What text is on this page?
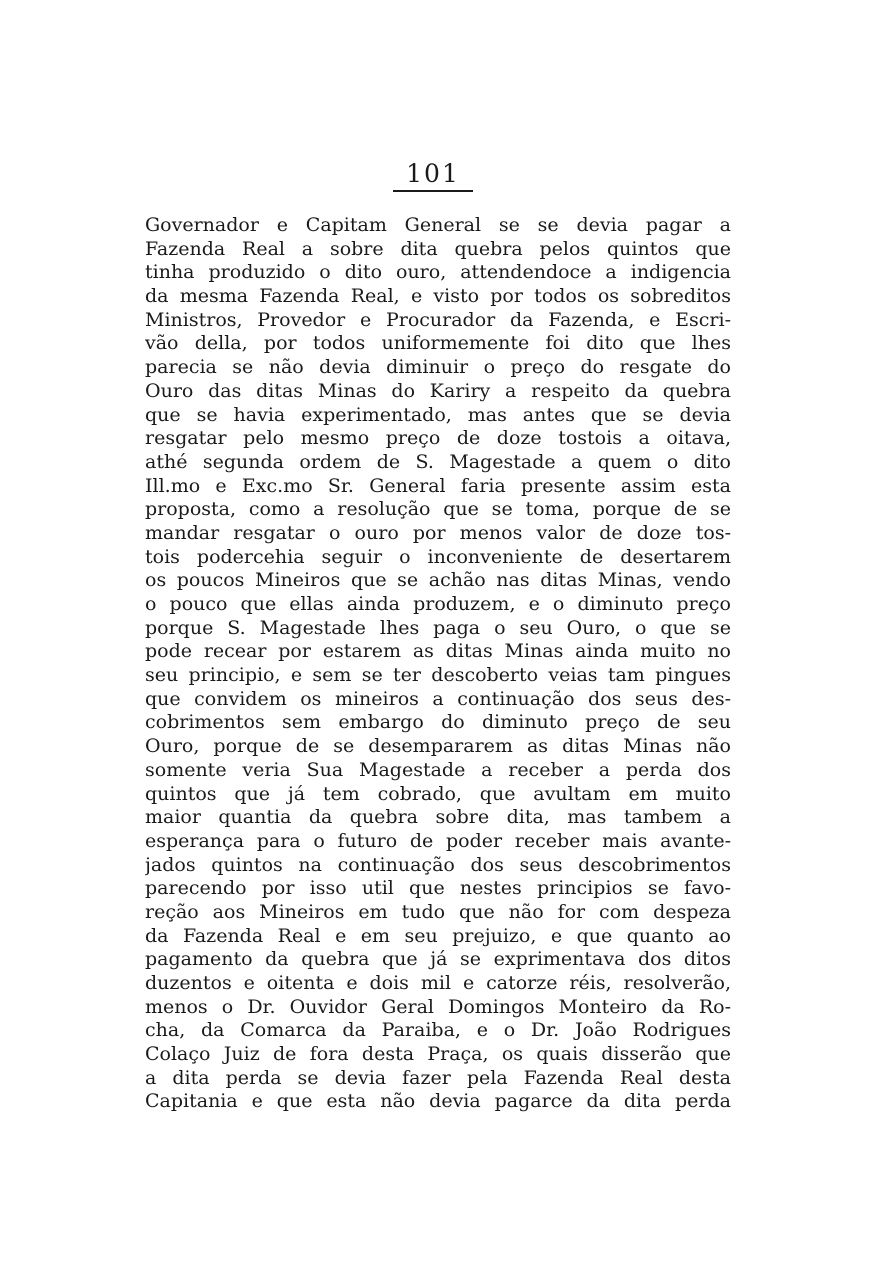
101
Governador e Capitam General se se devia pagar a
Fazenda Real a sobre dita quebra pelos quintos que
tinha produzido o dito ouro, attendendoce a indigencia
da mesma Fazenda Real, e visto por todos os sobreditos
Ministros, Provedor e Procurador da Fazenda, e Escri-
vão della, por todos uniformemente foi dito que lhes
parecia se não devia diminuir o preço do resgate do
Ouro das ditas Minas do Kariry a respeito da quebra
que se havia experimentado, mas antes que se devia
resgatar pelo mesmo preço de doze tostois a oitava,
athé segunda ordem de S. Magestade a quem o dito
Ill.mo e Exc.mo Sr. General faria presente assim esta
proposta, como a resolução que se toma, porque de se
mandar resgatar o ouro por menos valor de doze tos-
tois podercehia seguir o inconveniente de desertarem
os poucos Mineiros que se achão nas ditas Minas, vendo
o pouco que ellas ainda produzem, e o diminuto preço
porque S. Magestade lhes paga o seu Ouro, o que se
pode recear por estarem as ditas Minas ainda muito no
seu principio, e sem se ter descoberto veias tam pingues
que convidem os mineiros a continuação dos seus des-
cobrimentos sem embargo do diminuto preço de seu
Ouro, porque de se desempararem as ditas Minas não
somente veria Sua Magestade a receber a perda dos
quintos que já tem cobrado, que avultam em muito
maior quantia da quebra sobre dita, mas tambem a
esperança para o futuro de poder receber mais avante-
jados quintos na continuação dos seus descobrimentos
parecendo por isso util que nestes principios se favo-
reção aos Mineiros em tudo que não for com despeza
da Fazenda Real e em seu prejuizo, e que quanto ao
pagamento da quebra que já se exprimentava dos ditos
duzentos e oitenta e dois mil e catorze réis, resolverão,
menos o Dr. Ouvidor Geral Domingos Monteiro da Ro-
cha, da Comarca da Paraiba, e o Dr. João Rodrigues
Colaço Juiz de fora desta Praça, os quais disserão que
a dita perda se devia fazer pela Fazenda Real desta
Capitania e que esta não devia pagarce da dita perda
